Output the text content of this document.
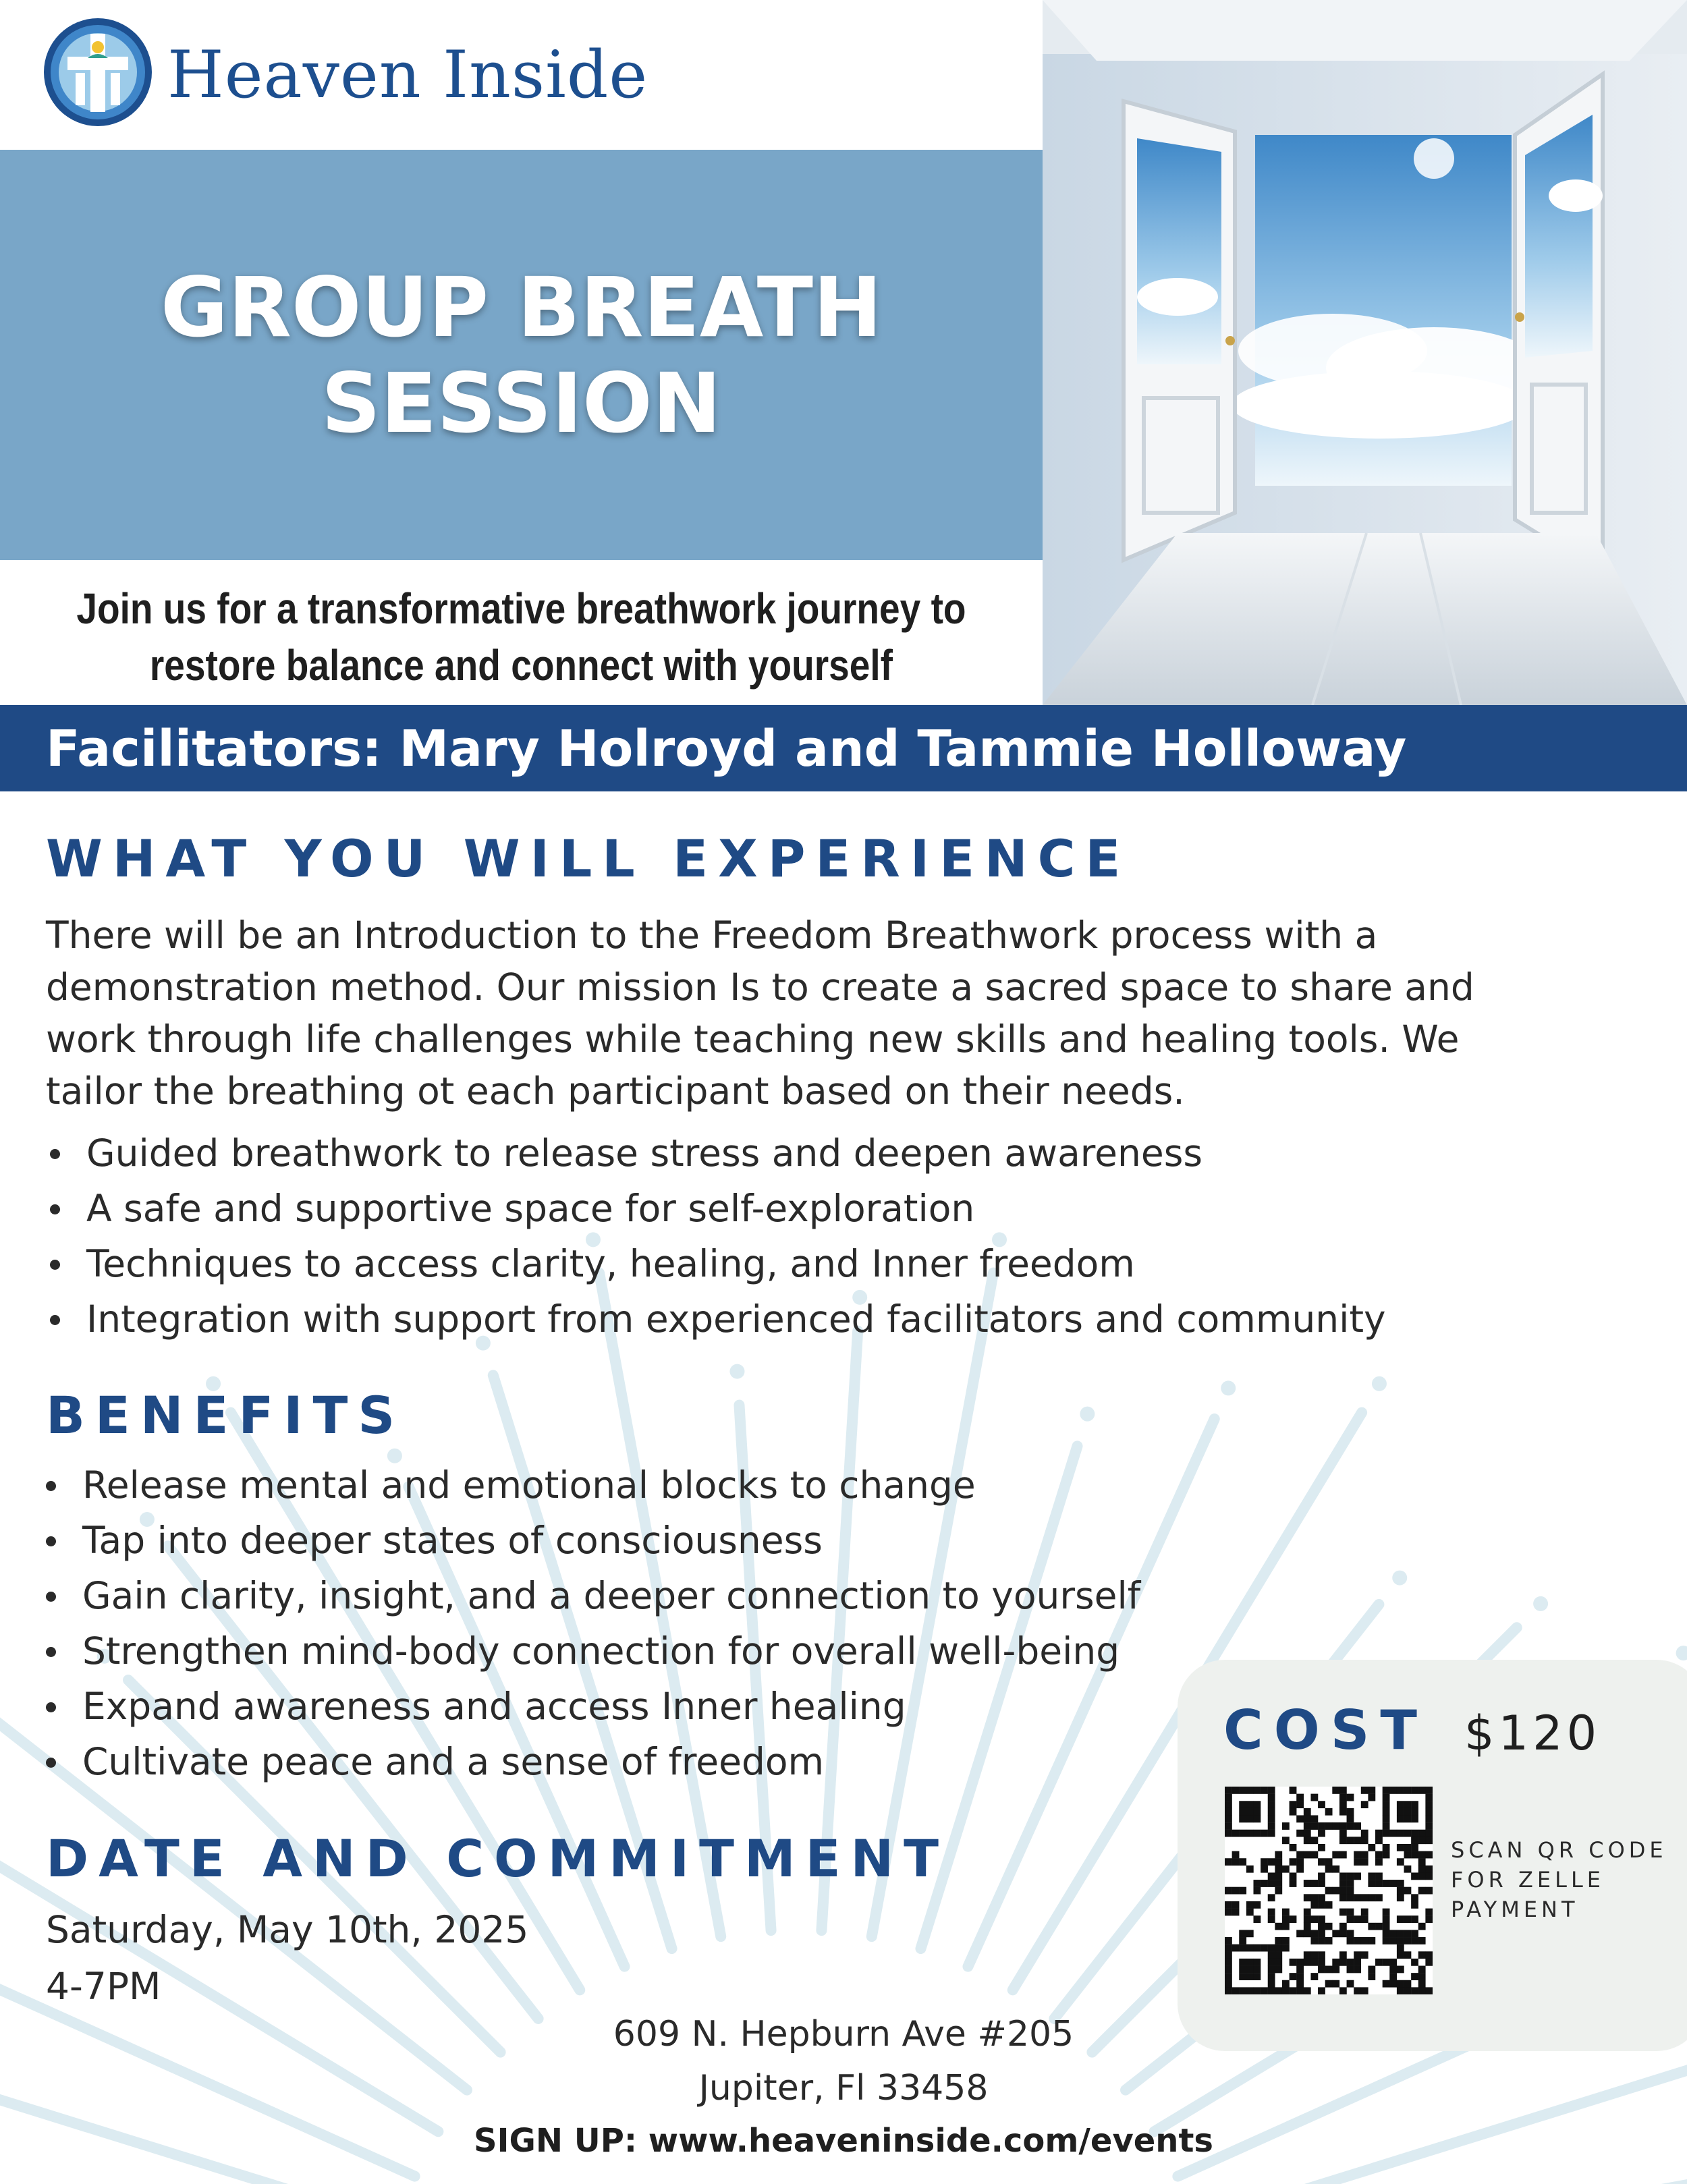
Heaven Inside
GROUP BREATH
SESSION
Join us for a transformative breathwork journey to
restore balance and connect with yourself
Facilitators: Mary Holroyd and Tammie Holloway
WHAT YOU WILL EXPERIENCE
There will be an Introduction to the Freedom Breathwork process with a
demonstration method. Our mission Is to create a sacred space to share and
work through life challenges while teaching new skills and healing tools. We
tailor the breathing ot each participant based on their needs.
Guided breathwork to release stress and deepen awareness
A safe and supportive space for self-exploration
Techniques to access clarity, healing, and Inner freedom
Integration with support from experienced facilitators and community
BENEFITS
Release mental and emotional blocks to change
Tap into deeper states of consciousness
Gain clarity, insight, and a deeper connection to yourself
Strengthen mind-body connection for overall well-being
Expand awareness and access Inner healing
Cultivate peace and a sense of freedom
DATE AND COMMITMENT
Saturday, May 10th, 2025
4-7PM
COST $120
SCAN QR CODE
FOR ZELLE
PAYMENT
609 N. Hepburn Ave #205
Jupiter, Fl 33458
SIGN UP: www.heaveninside.com/events
